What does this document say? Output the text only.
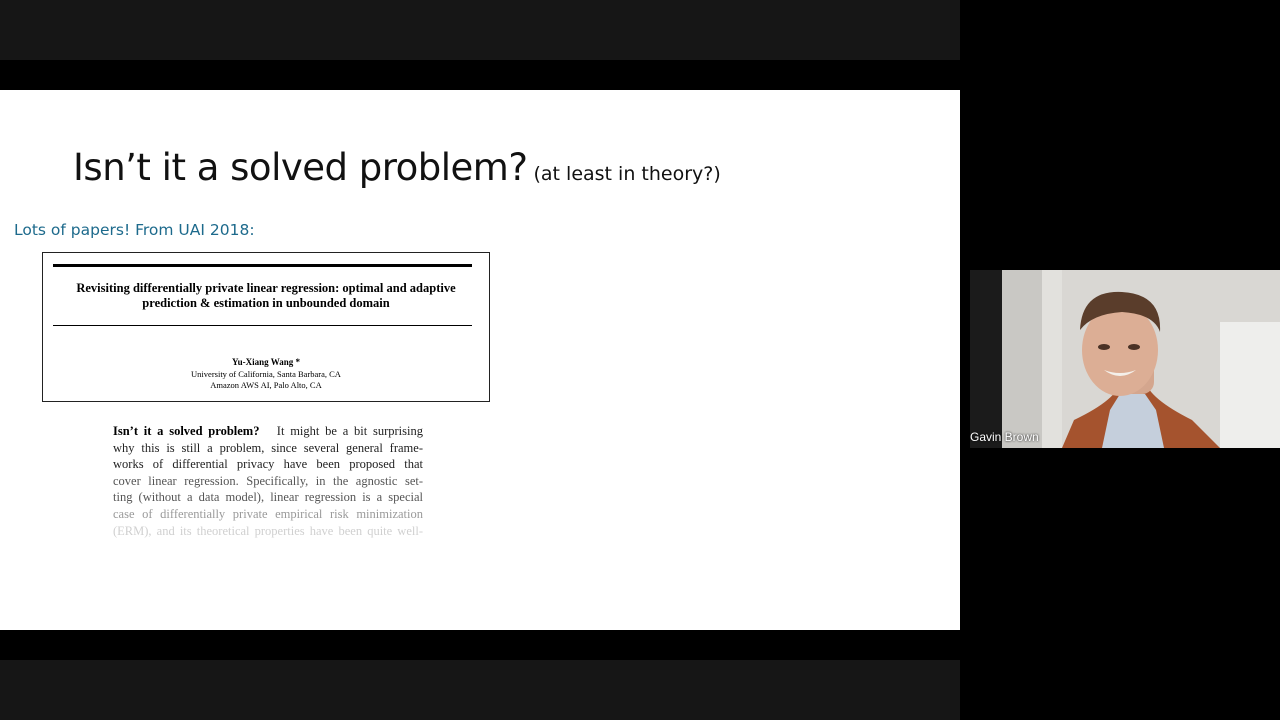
Isn’t it a solved problem? (at least in theory?)
Lots of papers! From UAI 2018:
Revisiting differentially private linear regression: optimal and adaptive
prediction & estimation in unbounded domain
Yu-Xiang Wang *
University of California, Santa Barbara, CA
Amazon AWS AI, Palo Alto, CA
Isn’t it a solved problem? It might be a bit surprising
why this is still a problem, since several general frame-
works of differential privacy have been proposed that
cover linear regression. Specifically, in the agnostic set-
ting (without a data model), linear regression is a special
case of differentially private empirical risk minimization
(ERM), and its theoretical properties have been quite well-
Gavin Brown
